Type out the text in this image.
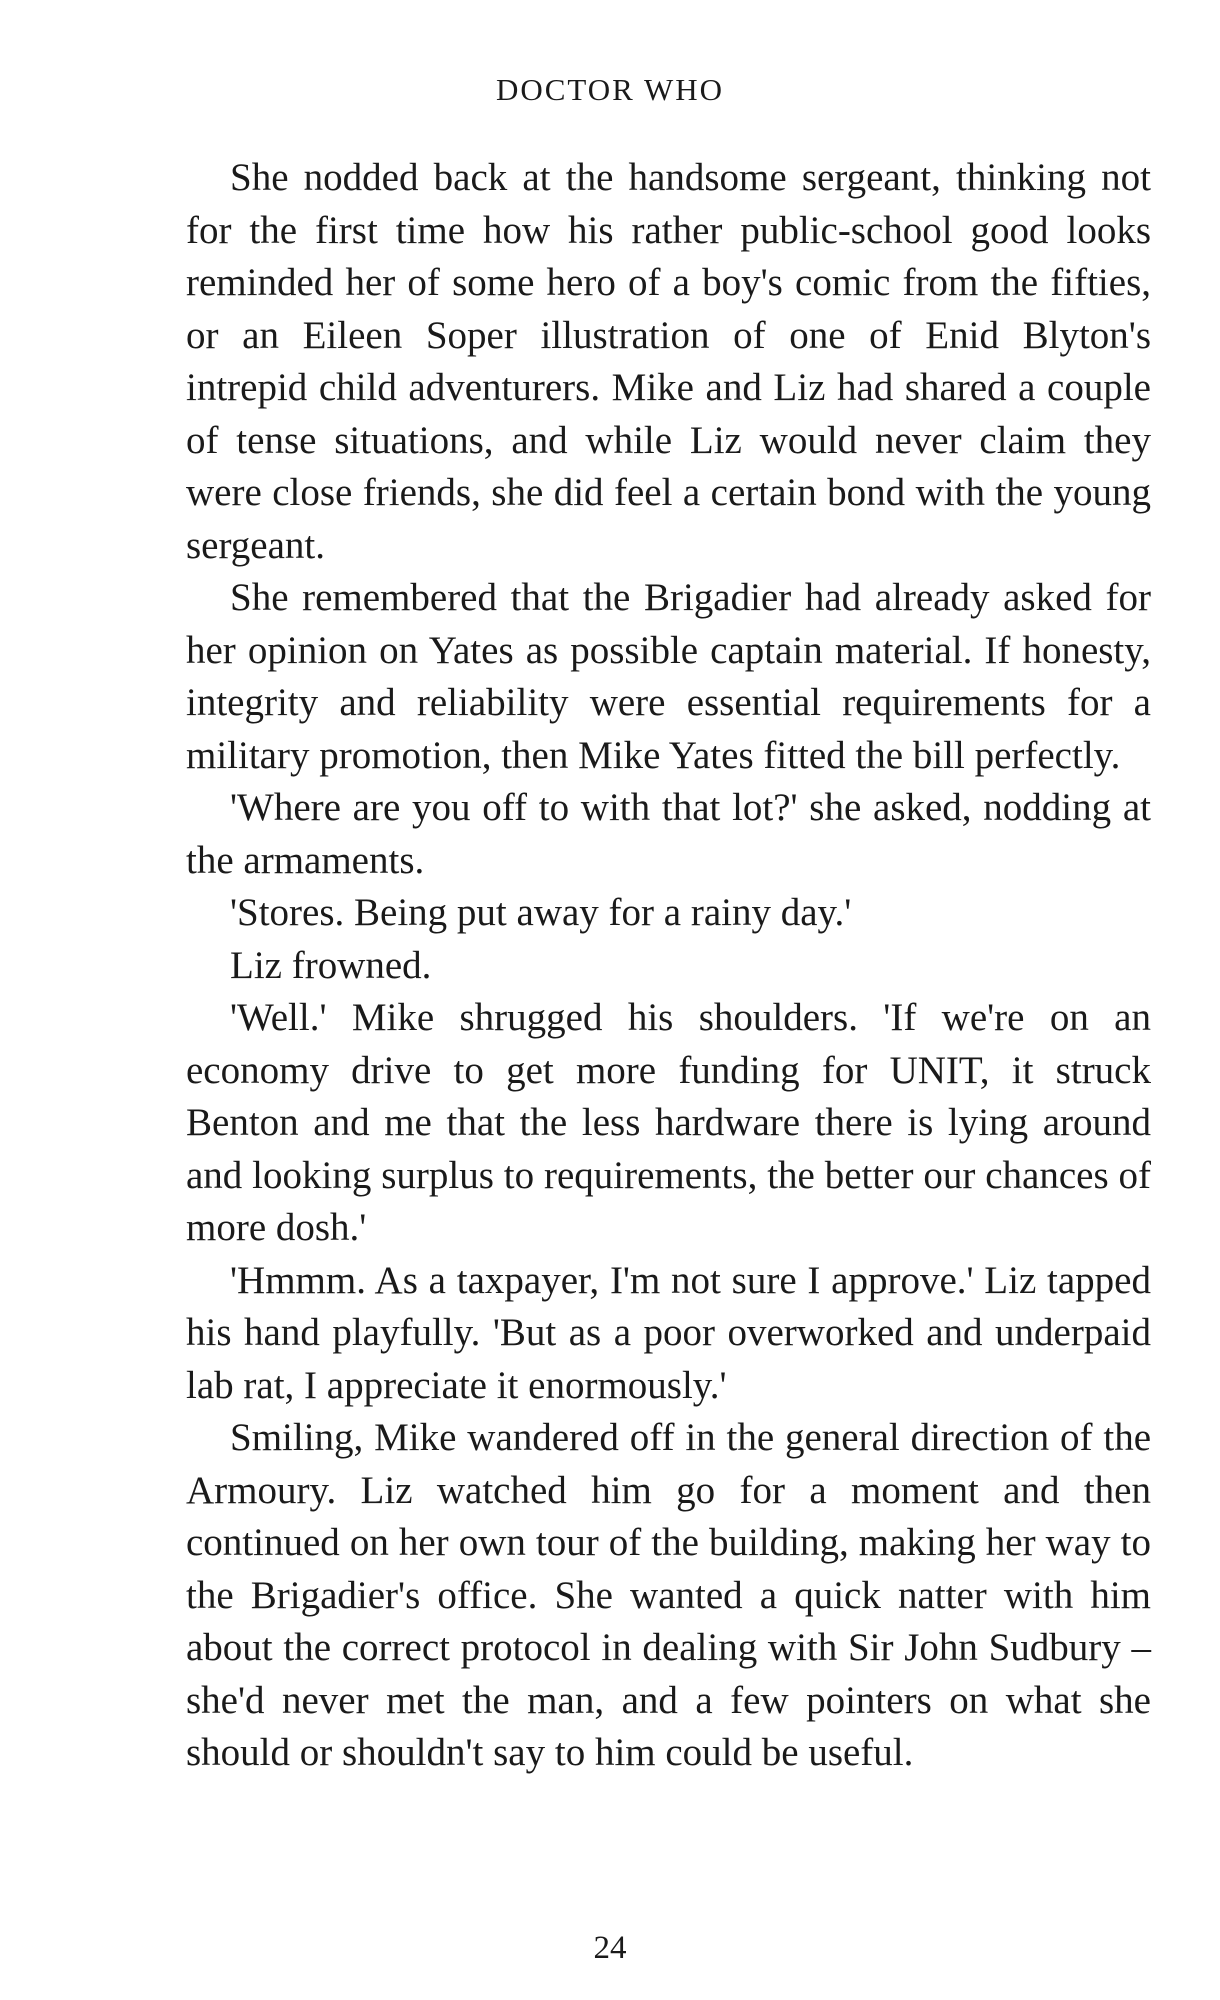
DOCTOR WHO

She nodded back at the handsome sergeant, thinking not for the first time how his rather public-school good looks reminded her of some hero of a boy's comic from the fifties, or an Eileen Soper illustration of one of Enid Blyton's intrepid child adventurers. Mike and Liz had shared a couple of tense situations, and while Liz would never claim they were close friends, she did feel a certain bond with the young sergeant.

She remembered that the Brigadier had already asked for her opinion on Yates as possible captain material. If honesty, integrity and reliability were essential requirements for a military promotion, then Mike Yates fitted the bill perfectly.

'Where are you off to with that lot?' she asked, nodding at the armaments.

'Stores. Being put away for a rainy day.'

Liz frowned.

'Well.' Mike shrugged his shoulders. 'If we're on an economy drive to get more funding for UNIT, it struck Benton and me that the less hardware there is lying around and looking surplus to requirements, the better our chances of more dosh.'

'Hmmm. As a taxpayer, I'm not sure I approve.' Liz tapped his hand playfully. 'But as a poor overworked and underpaid lab rat, I appreciate it enormously.'

Smiling, Mike wandered off in the general direction of the Armoury. Liz watched him go for a moment and then continued on her own tour of the building, making her way to the Brigadier's office. She wanted a quick natter with him about the correct protocol in dealing with Sir John Sudbury – she'd never met the man, and a few pointers on what she should or shouldn't say to him could be useful.

24
